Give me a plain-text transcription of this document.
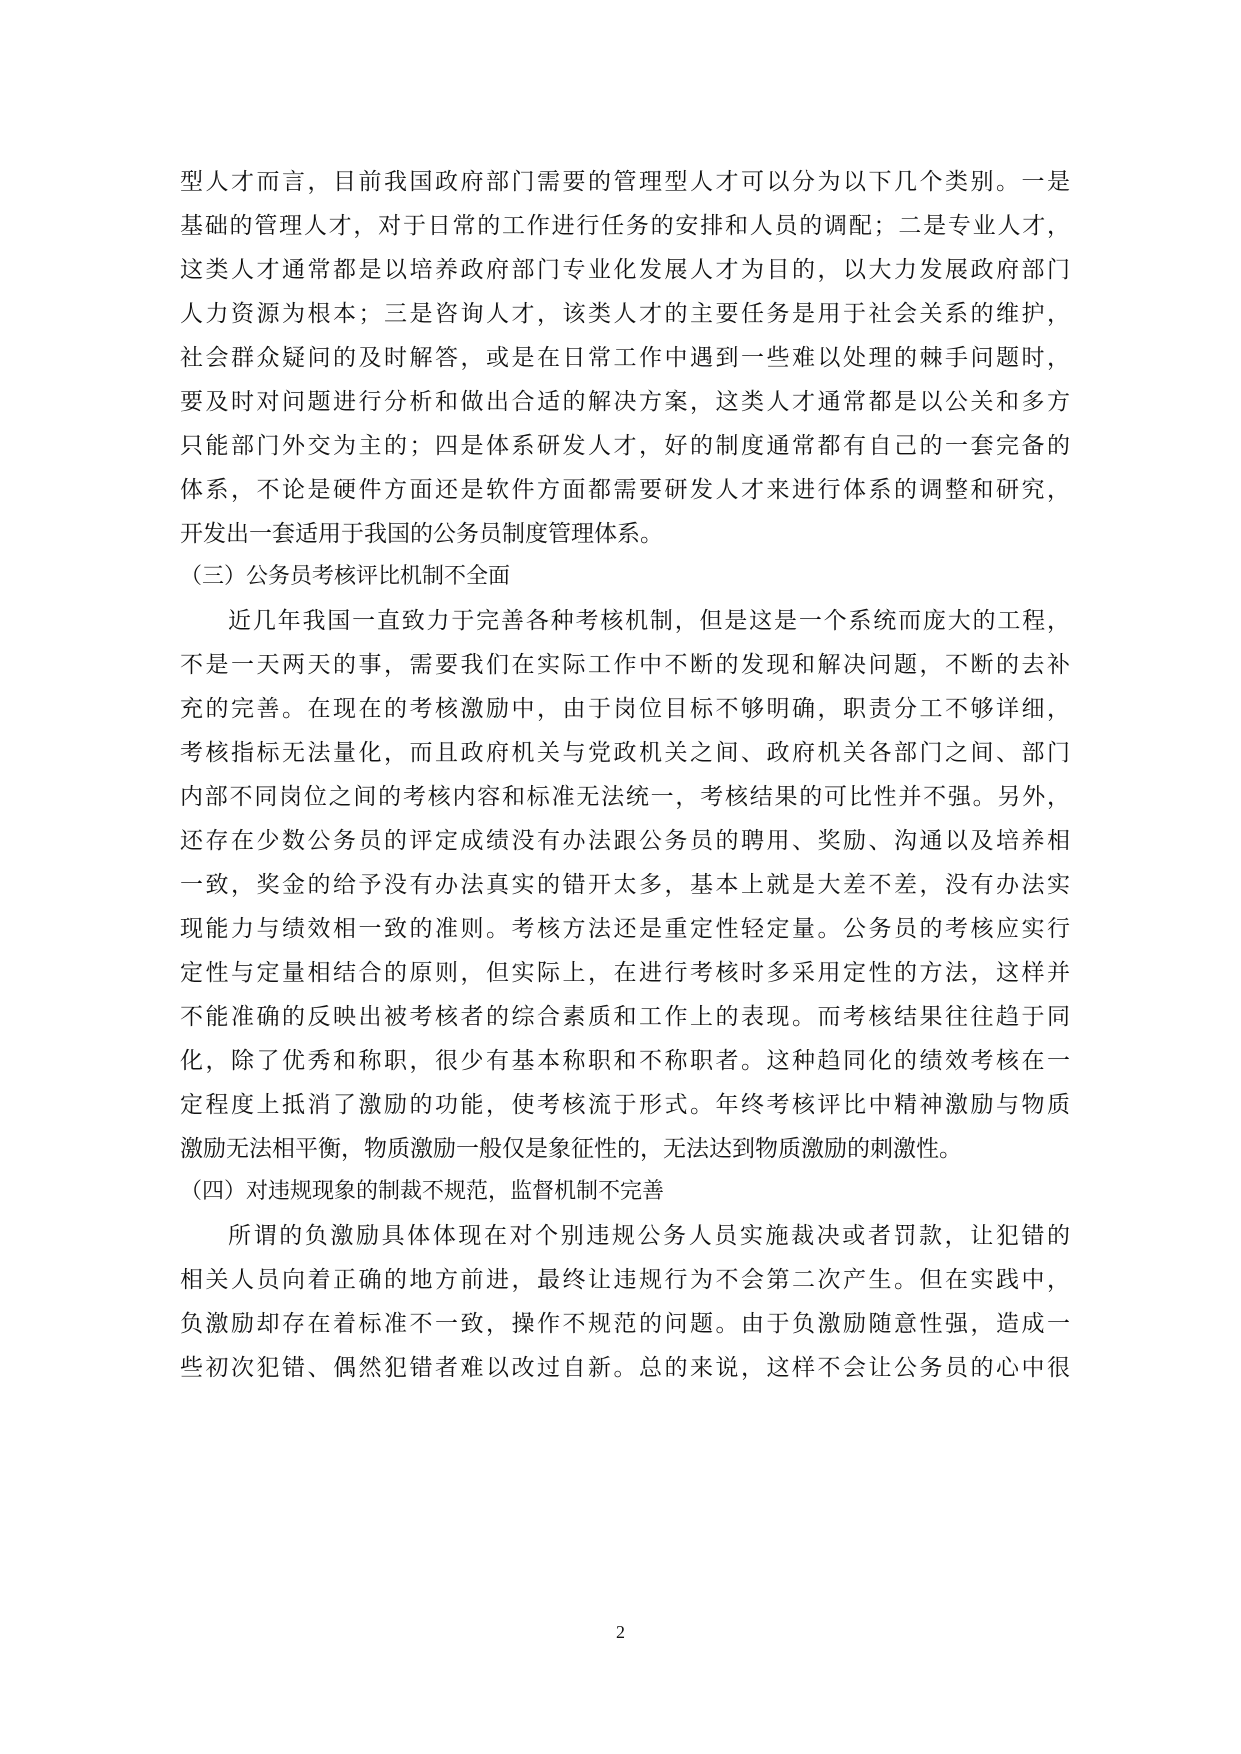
型人才而言，目前我国政府部门需要的管理型人才可以分为以下几个类别。一是
基础的管理人才，对于日常的工作进行任务的安排和人员的调配；二是专业人才，
这类人才通常都是以培养政府部门专业化发展人才为目的，以大力发展政府部门
人力资源为根本；三是咨询人才，该类人才的主要任务是用于社会关系的维护，
社会群众疑问的及时解答，或是在日常工作中遇到一些难以处理的棘手问题时，
要及时对问题进行分析和做出合适的解决方案，这类人才通常都是以公关和多方
只能部门外交为主的；四是体系研发人才，好的制度通常都有自己的一套完备的
体系，不论是硬件方面还是软件方面都需要研发人才来进行体系的调整和研究，
开发出一套适用于我国的公务员制度管理体系。
（三）公务员考核评比机制不全面
近几年我国一直致力于完善各种考核机制，但是这是一个系统而庞大的工程，
不是一天两天的事，需要我们在实际工作中不断的发现和解决问题，不断的去补
充的完善。在现在的考核激励中，由于岗位目标不够明确，职责分工不够详细，
考核指标无法量化，而且政府机关与党政机关之间、政府机关各部门之间、部门
内部不同岗位之间的考核内容和标准无法统一，考核结果的可比性并不强。另外，
还存在少数公务员的评定成绩没有办法跟公务员的聘用、奖励、沟通以及培养相
一致，奖金的给予没有办法真实的错开太多，基本上就是大差不差，没有办法实
现能力与绩效相一致的准则。考核方法还是重定性轻定量。公务员的考核应实行
定性与定量相结合的原则，但实际上，在进行考核时多采用定性的方法，这样并
不能准确的反映出被考核者的综合素质和工作上的表现。而考核结果往往趋于同
化，除了优秀和称职，很少有基本称职和不称职者。这种趋同化的绩效考核在一
定程度上抵消了激励的功能，使考核流于形式。年终考核评比中精神激励与物质
激励无法相平衡，物质激励一般仅是象征性的，无法达到物质激励的刺激性。
（四）对违规现象的制裁不规范，监督机制不完善
所谓的负激励具体体现在对个别违规公务人员实施裁决或者罚款，让犯错的
相关人员向着正确的地方前进，最终让违规行为不会第二次产生。但在实践中，
负激励却存在着标准不一致，操作不规范的问题。由于负激励随意性强，造成一
些初次犯错、偶然犯错者难以改过自新。总的来说，这样不会让公务员的心中很
2
